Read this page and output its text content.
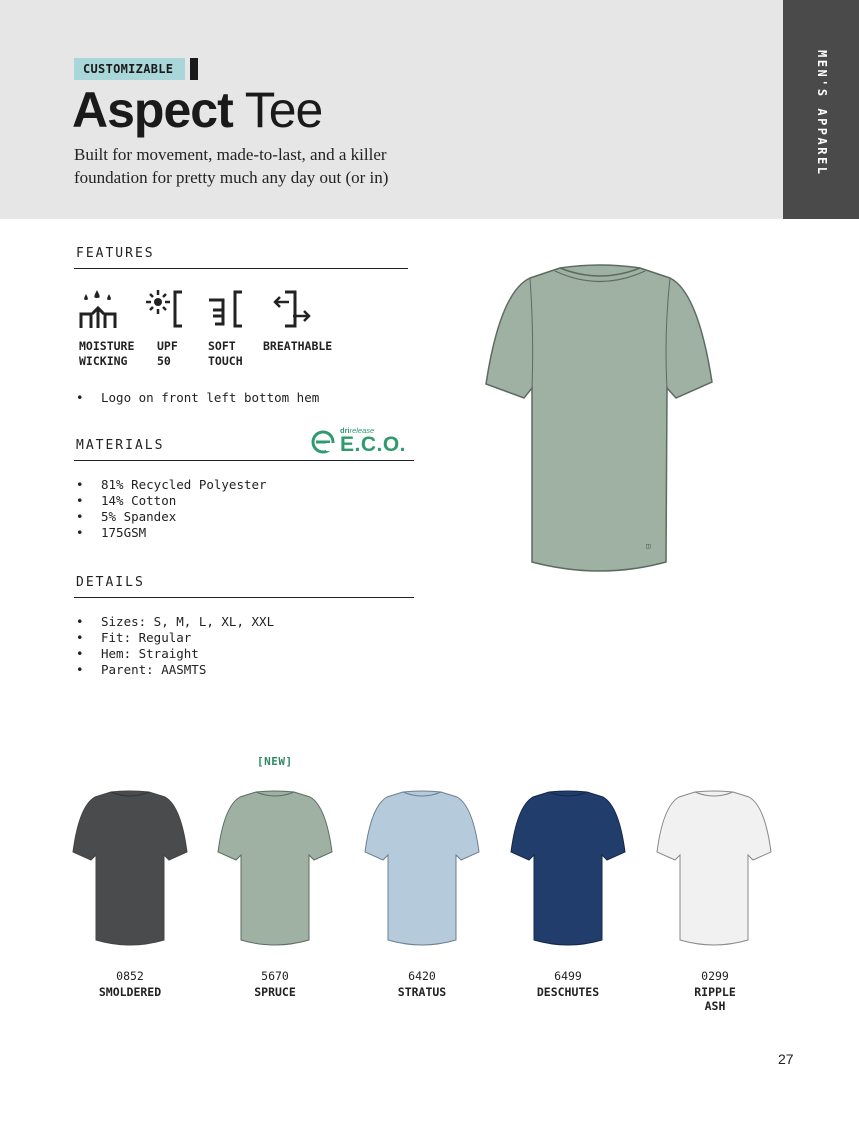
MEN'S APPAREL
CUSTOMIZABLE
Aspect Tee
Built for movement, made-to-last, and a killer
foundation for pretty much any day out (or in)
FEATURES
MOISTURE
WICKING
UPF
50
SOFT
TOUCH
BREATHABLE
• Logo on front left bottom hem
MATERIALS
drirelease
E.C.O.
• 81% Recycled Polyester
• 14% Cotton
• 5% Spandex
• 175GSM
DETAILS
• Sizes: S, M, L, XL, XXL
• Fit: Regular
• Hem: Straight
• Parent: AASMTS
◫
[NEW]
0852
SMOLDERED
5670
SPRUCE
6420
STRATUS
6499
DESCHUTES
0299
RIPPLE
ASH
27
